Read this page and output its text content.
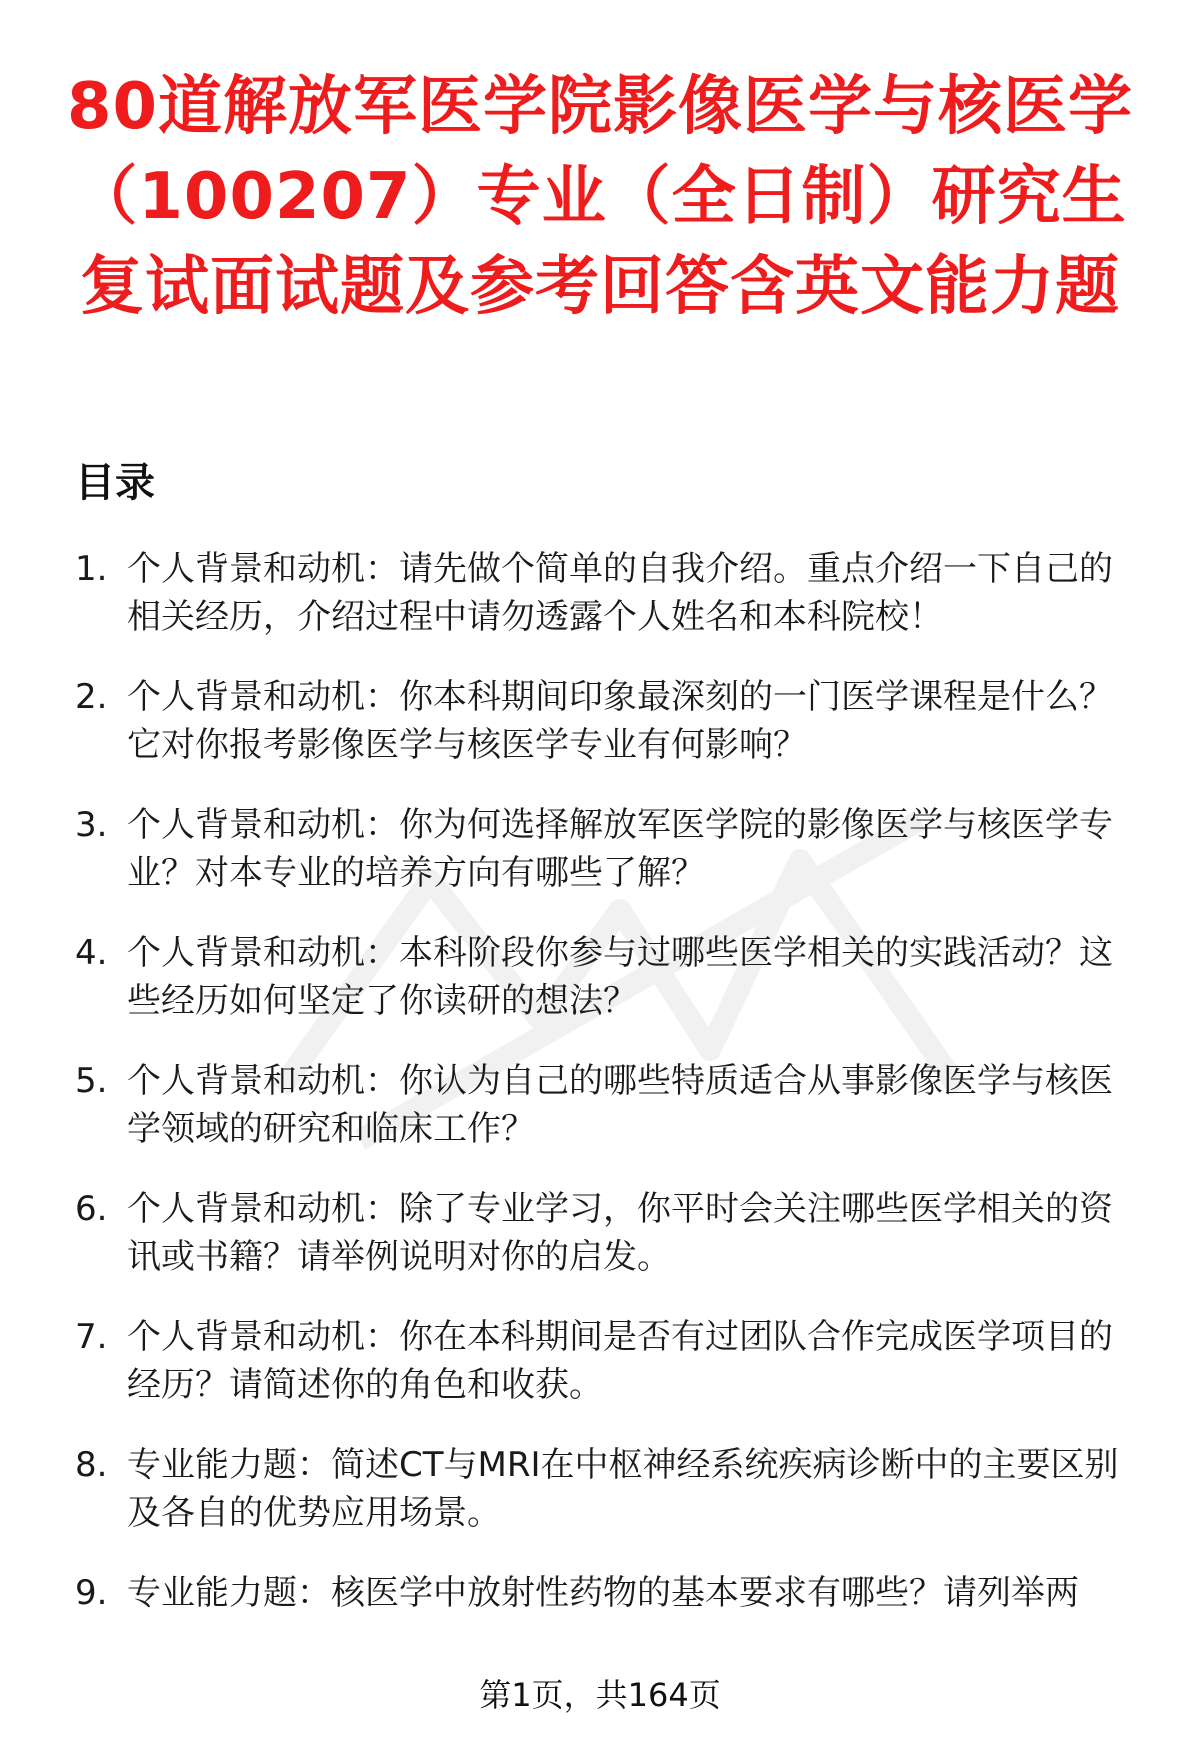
80道解放军医学院影像医学与核医学（100207）专业（全日制）研究生复试面试题及参考回答含英文能力题
目录
1. 个人背景和动机：请先做个简单的自我介绍。重点介绍一下自己的相关经历，介绍过程中请勿透露个人姓名和本科院校！
2. 个人背景和动机：你本科期间印象最深刻的一门医学课程是什么？它对你报考影像医学与核医学专业有何影响？
3. 个人背景和动机：你为何选择解放军医学院的影像医学与核医学专业？对本专业的培养方向有哪些了解？
4. 个人背景和动机：本科阶段你参与过哪些医学相关的实践活动？这些经历如何坚定了你读研的想法？
5. 个人背景和动机：你认为自己的哪些特质适合从事影像医学与核医学领域的研究和临床工作？
6. 个人背景和动机：除了专业学习，你平时会关注哪些医学相关的资讯或书籍？请举例说明对你的启发。
7. 个人背景和动机：你在本科期间是否有过团队合作完成医学项目的经历？请简述你的角色和收获。
8. 专业能力题：简述CT与MRI在中枢神经系统疾病诊断中的主要区别及各自的优势应用场景。
9. 专业能力题：核医学中放射性药物的基本要求有哪些？请列举两
第1页，共164页
